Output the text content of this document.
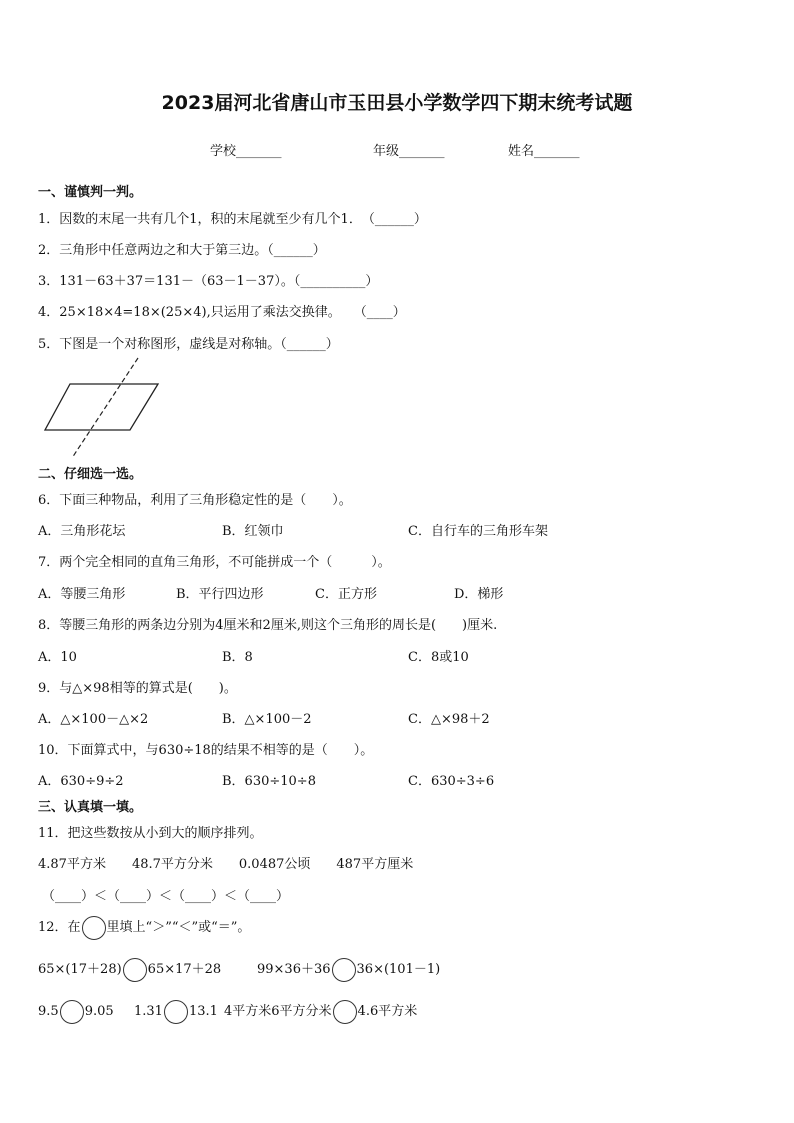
2023届河北省唐山市玉田县小学数学四下期末统考试题
学校_______	年级_______	姓名_______
一、谨慎判一判。
1．因数的末尾一共有几个1，积的末尾就至少有几个1．　（______）
2．三角形中任意两边之和大于第三边。（______）
3．131－63＋37＝131－（63－1－37）。（__________）
4．25×18×4=18×(25×4),只运用了乘法交换律。　　（____）
5．下图是一个对称图形，虚线是对称轴。（______）
二、仔细选一选。
6．下面三种物品，利用了三角形稳定性的是（　　）。
A．三角形花坛	B．红领巾	C．自行车的三角形车架
7．两个完全相同的直角三角形，不可能拼成一个（　　　）。
A．等腰三角形	B．平行四边形	C．正方形	D．梯形
8．等腰三角形的两条边分别为4厘米和2厘米,则这个三角形的周长是(　　)厘米.
A．10	B．8	C．8或10
9．与△×98相等的算式是(　　)。
A．△×100－△×2	B．△×100－2	C．△×98＋2
10．下面算式中，与630÷18的结果不相等的是（　　）。
A．630÷9÷2	B．630÷10÷8	C．630÷3÷6
三、认真填一填。
11．把这些数按从小到大的顺序排列。
4.87平方米　　48.7平方分米　　0.0487公顷　　487平方厘米
（____）＜（____）＜（____）＜（____）
12．在 里填上“＞”“＜”或“＝”。
65×(17＋28) 65×17＋28	99×36＋36 36×(101－1)
9.5 9.05 1.31 13.1 4平方米6平方分米 4.6平方米
